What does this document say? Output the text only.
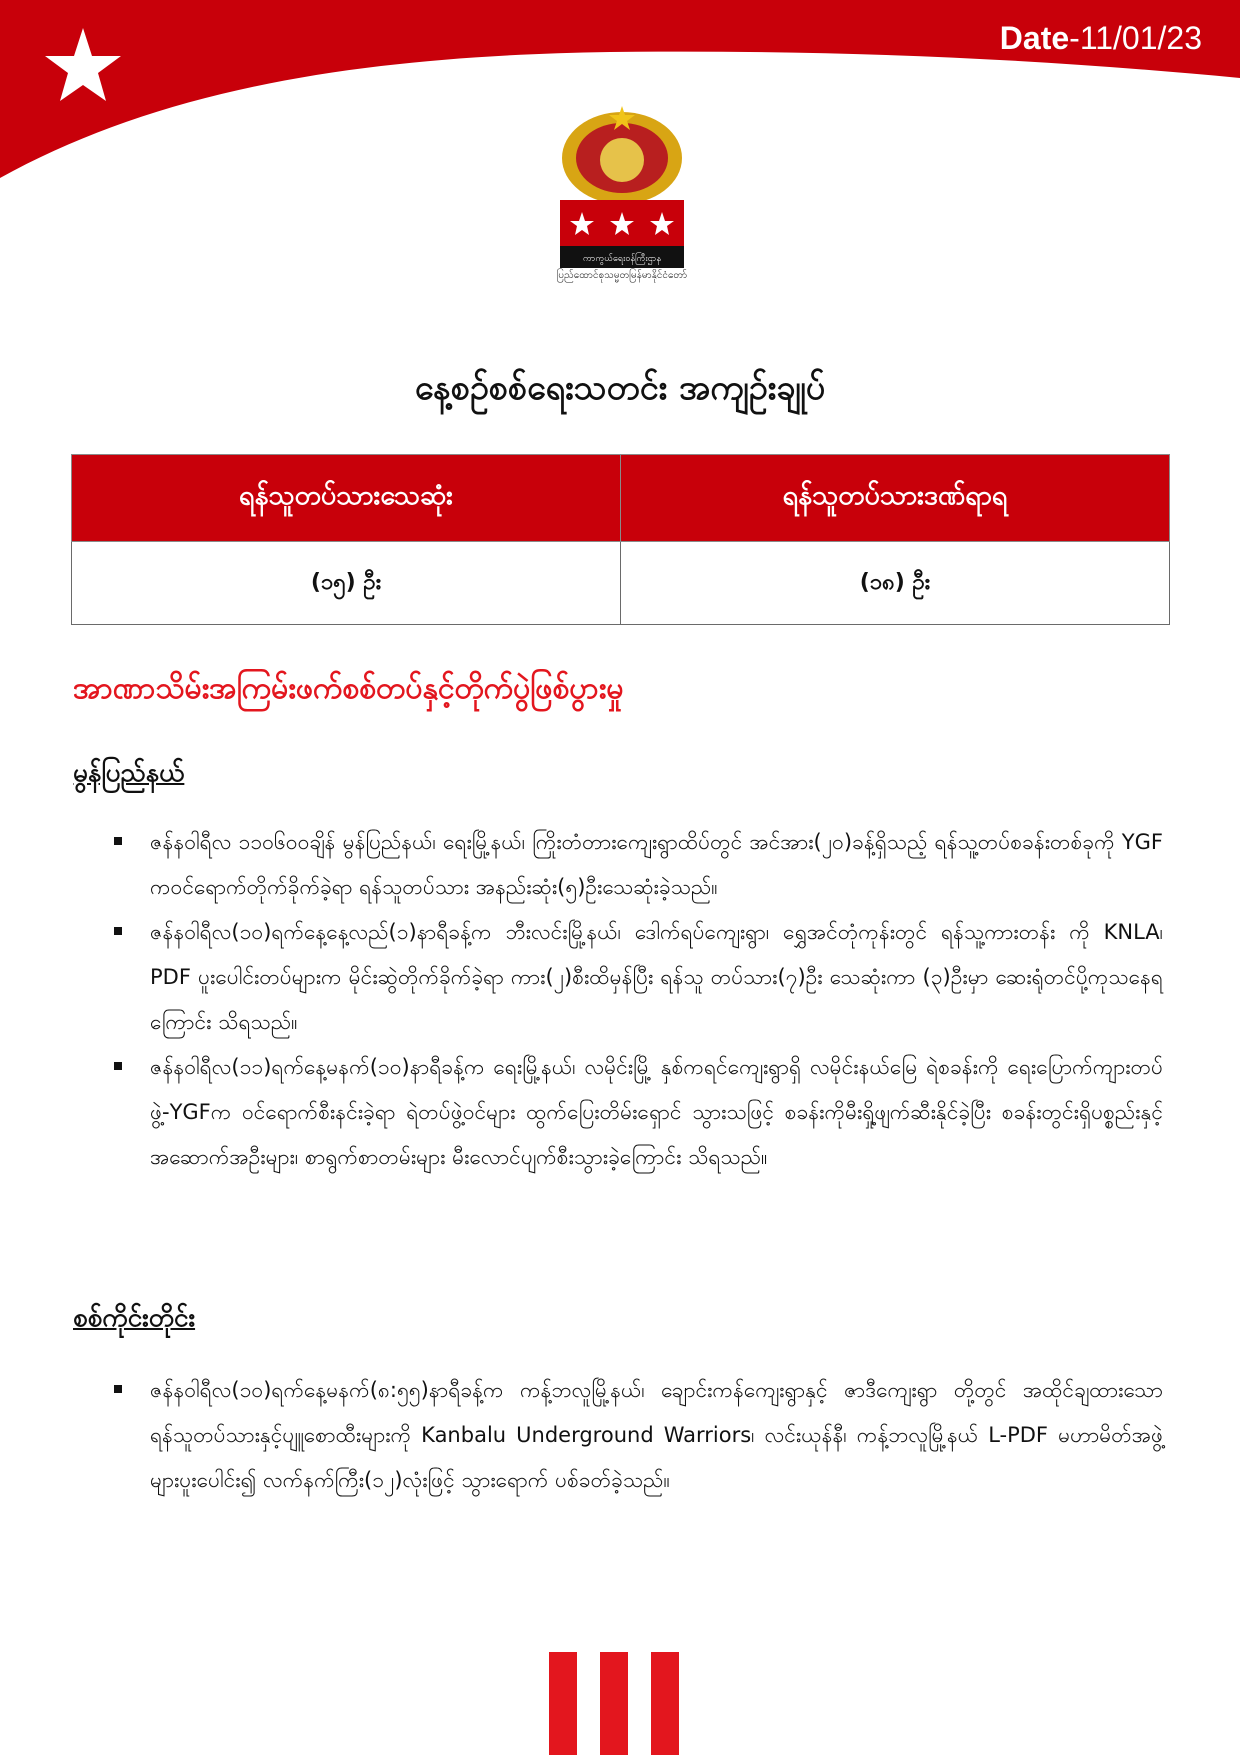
Date-11/01/23
ကာကွယ်ရေးဝန်ကြီးဌာန
ပြည်ထောင်စုသမ္မတမြန်မာနိုင်ငံတော်
နေ့စဥ်စစ်ရေးသတင်း အကျဥ်းချုပ်
ရန်သူတပ်သားသေဆုံး	ရန်သူတပ်သားဒဏ်ရာရ
(၁၅) ဦး	(၁၈) ဦး
အာဏာသိမ်းအကြမ်းဖက်စစ်တပ်နှင့်တိုက်ပွဲဖြစ်ပွားမှု
မွန်ပြည်နယ်
ဇန်နဝါရီလ ၁၁၀၆၀၀ချိန် မွန်ပြည်နယ်၊ ရေးမြို့နယ်၊ ကြိုးတံတားကျေးရွာထိပ်တွင် အင်အား(၂၀)ခန့်ရှိသည့် ရန်သူ့တပ်စခန်းတစ်ခုကို YGF ကဝင်ရောက်တိုက်ခိုက်ခဲ့ရာ ရန်သူတပ်သား အနည်းဆုံး(၅)ဦးသေဆုံးခဲ့သည်။
ဇန်နဝါရီလ(၁၀)ရက်နေ့နေ့လည်(၁)နာရီခန့်က ဘီးလင်းမြို့နယ်၊ ဒေါက်ရပ်ကျေးရွာ၊ ရွှေအင်တုံကုန်းတွင် ရန်သူ့ကားတန်း ကို KNLA၊ PDF ပူးပေါင်းတပ်များက မိုင်းဆွဲတိုက်ခိုက်ခဲ့ရာ ကား(၂)စီးထိမှန်ပြီး ရန်သူ တပ်သား(၇)ဦး သေဆုံးကာ (၃)ဦးမှာ ဆေးရုံတင်ပို့ကုသနေရကြောင်း သိရသည်။
ဇန်နဝါရီလ(၁၁)ရက်နေ့မနက်(၁၀)နာရီခန့်က ရေးမြို့နယ်၊ လမိုင်းမြို့ နှစ်ကရင်ကျေးရွာရှိ လမိုင်းနယ်မြေ ရဲစခန်းကို ရေးပြောက်ကျားတပ်ဖွဲ့-YGFက ဝင်ရောက်စီးနင်းခဲ့ရာ ရဲတပ်ဖွဲ့ဝင်များ ထွက်ပြေးတိမ်းရှောင် သွားသဖြင့် စခန်းကိုမီးရှို့ဖျက်ဆီးနိုင်ခဲ့ပြီး စခန်းတွင်းရှိပစ္စည်းနှင့်အဆောက်အဦးများ၊ စာရွက်စာတမ်းများ မီးလောင်ပျက်စီးသွားခဲ့ကြောင်း သိရသည်။
စစ်ကိုင်းတိုင်း
ဇန်နဝါရီလ(၁၀)ရက်နေ့မနက်(၈:၅၅)နာရီခန့်က ကန့်ဘလူမြို့နယ်၊ ချောင်းကန်ကျေးရွာနှင့် ဇာဒီကျေးရွာ တို့တွင် အထိုင်ချထားသော ရန်သူတပ်သားနှင့်ပျူစောထီးများကို Kanbalu Underground Warriors၊ လင်းယုန်နီ၊ ကန့်ဘလူမြို့နယ် L-PDF မဟာမိတ်အဖွဲ့များပူးပေါင်း၍ လက်နက်ကြီး(၁၂)လုံးဖြင့် သွားရောက် ပစ်ခတ်ခဲ့သည်။
